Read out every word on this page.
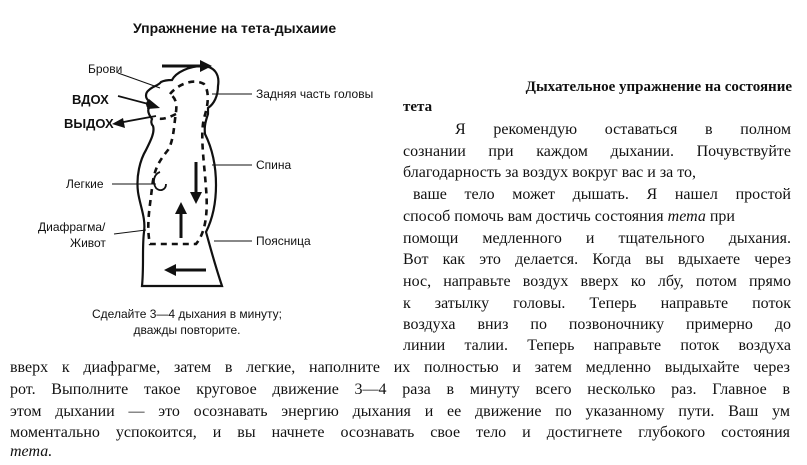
Упражнение на тета-дыхаиие
Брови
ВДОХ
ВЫДОХ
Задняя часть головы
Спина
Легкие
Диафрагма/
Живот	Поясница
Сделайте 3—4 дыхания в минуту;
дважды повторите.
Дыхательное упражнение на состояние
тета
Я рекомендую оставаться в полном
сознании при каждом дыхании. Почувствуйте
благодарность за воздух вокруг вас и за то,
ваше тело может дышать. Я нашел простой
способ помочь вам достичь состояния тета при
помощи медленного и тщательного дыхания.
Вот как это делается. Когда вы вдыхаете через
нос, направьте воздух вверх ко лбу, потом прямо
к затылку головы. Теперь направьте поток
воздуха вниз по позвоночнику примерно до
линии талии. Теперь направьте поток воздуха
вверх к диафрагме, затем в легкие, наполните их полностью и затем медленно выдыхайте через
рот. Выполните такое круговое движение 3—4 раза в минуту всего несколько раз. Главное в
этом дыхании — это осознавать энергию дыхания и ее движение по указанному пути. Ваш ум
моментально успокоится, и вы начнете осознавать свое тело и достигнете глубокого состояния
тета.
